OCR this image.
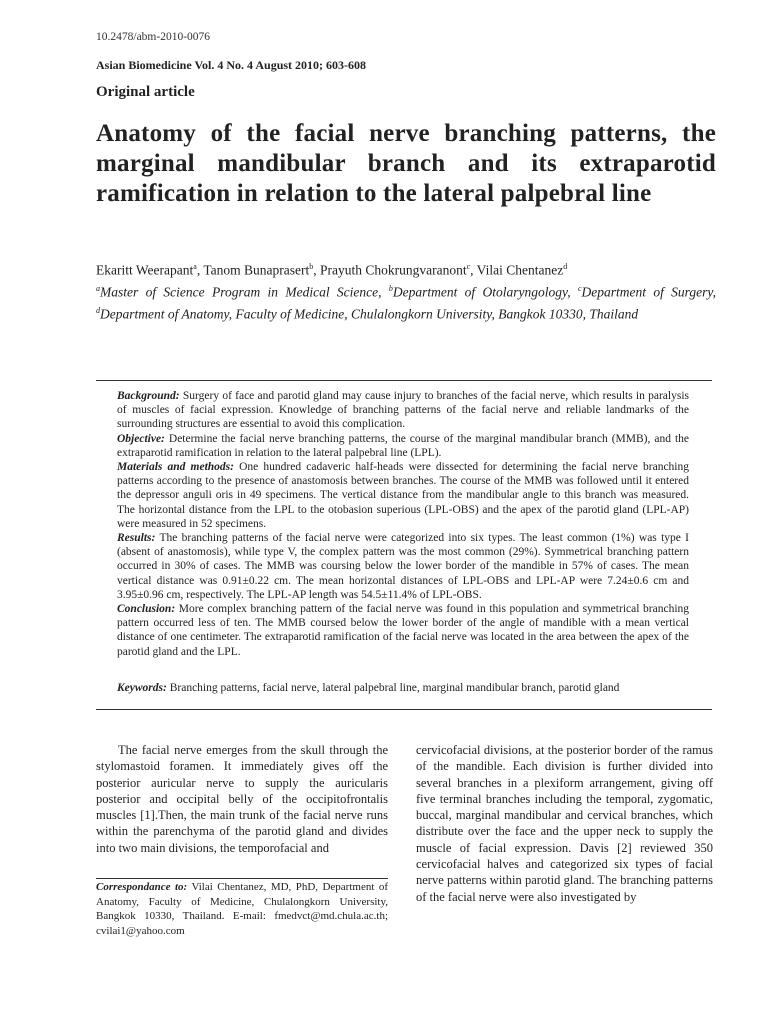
10.2478/abm-2010-0076
Asian Biomedicine Vol. 4 No. 4 August 2010; 603-608
Original article
Anatomy of the facial nerve branching patterns, the marginal mandibular branch and its extraparotid ramification in relation to the lateral palpebral line
Ekaritt Weerapant$^a$, Tanom Bunaprasert$^b$, Prayuth Chokrungvaranont$^c$, Vilai Chentanez$^d$
$^a$Master of Science Program in Medical Science, $^b$Department of Otolaryngology, $^c$Department of Surgery, $^d$Department of Anatomy, Faculty of Medicine, Chulalongkorn University, Bangkok 10330, Thailand

Background: Surgery of face and parotid gland may cause injury to branches of the facial nerve, which results in paralysis of muscles of facial expression. Knowledge of branching patterns of the facial nerve and reliable landmarks of the surrounding structures are essential to avoid this complication.

Objective: Determine the facial nerve branching patterns, the course of the marginal mandibular branch (MMB), and the extraparotid ramification in relation to the lateral palpebral line (LPL).

Materials and methods: One hundred cadaveric half-heads were dissected for determining the facial nerve branching patterns according to the presence of anastomosis between branches. The course of the MMB was followed until it entered the depressor anguli oris in 49 specimens. The vertical distance from the mandibular angle to this branch was measured. The horizontal distance from the LPL to the otobasion superious (LPL-OBS) and the apex of the parotid gland (LPL-AP) were measured in 52 specimens.

Results: The branching patterns of the facial nerve were categorized into six types. The least common (1%) was type I (absent of anastomosis), while type V, the complex pattern was the most common (29%). Symmetrical branching pattern occurred in 30% of cases. The MMB was coursing below the lower border of the mandible in 57% of cases. The mean vertical distance was 0.91±0.22 cm. The mean horizontal distances of LPL-OBS and LPL-AP were 7.24±0.6 cm and 3.95±0.96 cm, respectively. The LPL-AP length was 54.5±11.4% of LPL-OBS.

Conclusion: More complex branching pattern of the facial nerve was found in this population and symmetrical branching pattern occurred less of ten. The MMB coursed below the lower border of the angle of mandible with a mean vertical distance of one centimeter. The extraparotid ramification of the facial nerve was located in the area between the apex of the parotid gland and the LPL.

Keywords: Branching patterns, facial nerve, lateral palpebral line, marginal mandibular branch, parotid gland

The facial nerve emerges from the skull through the stylomastoid foramen. It immediately gives off the posterior auricular nerve to supply the auricularis posterior and occipital belly of the occipitofrontalis muscles [1].Then, the main trunk of the facial nerve runs within the parenchyma of the parotid gland and divides into two main divisions, the temporofacial and

cervicofacial divisions, at the posterior border of the ramus of the mandible. Each division is further divided into several branches in a plexiform arrangement, giving off five terminal branches including the temporal, zygomatic, buccal, marginal mandibular and cervical branches, which distribute over the face and the upper neck to supply the muscle of facial expression. Davis [2] reviewed 350 cervicofacial halves and categorized six types of facial nerve patterns within parotid gland. The branching patterns of the facial nerve were also investigated by

Correspondance to: Vilai Chentanez, MD, PhD, Department of Anatomy, Faculty of Medicine, Chulalongkorn University, Bangkok 10330, Thailand. E-mail: fmedvct@md.chula.ac.th; cvilai1@yahoo.com
